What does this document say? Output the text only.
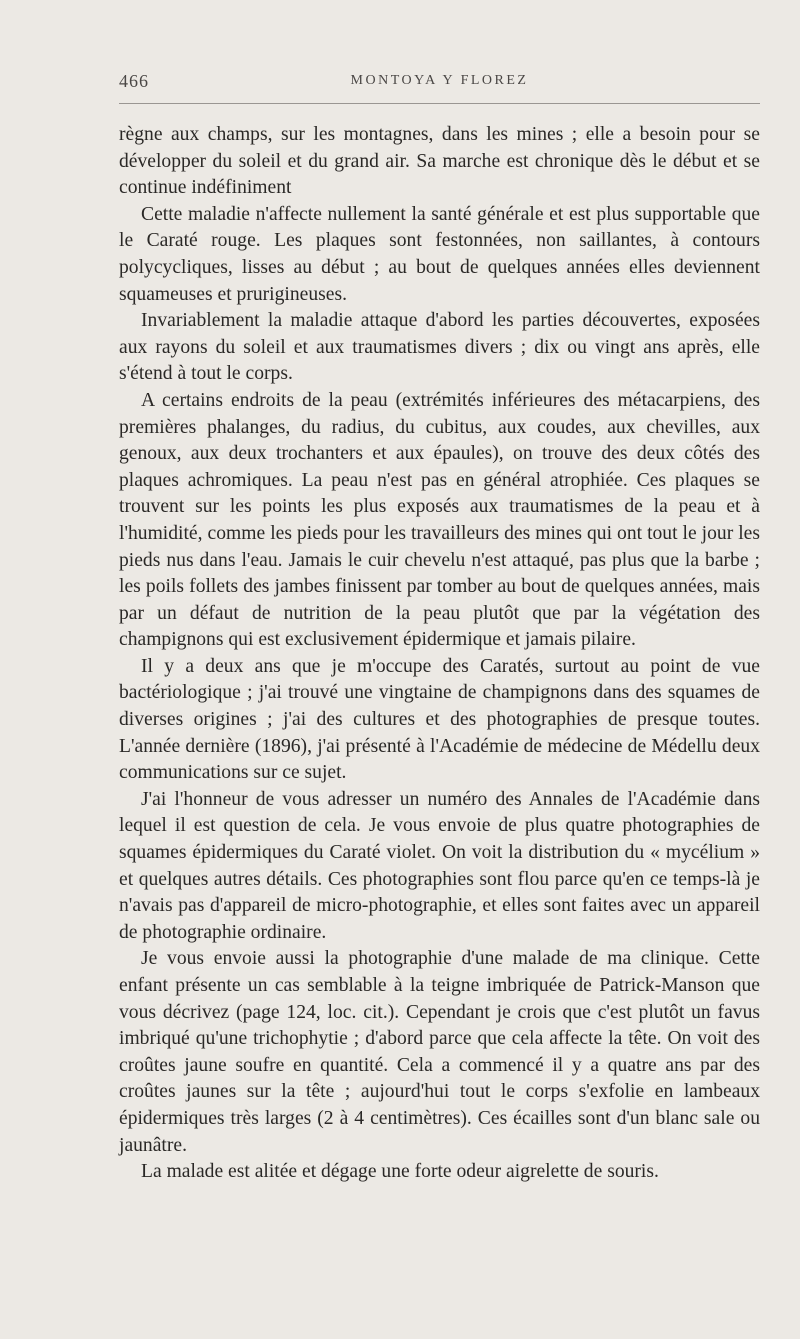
466	MONTOYA Y FLOREZ

règne aux champs, sur les montagnes, dans les mines ; elle a besoin pour se développer du soleil et du grand air. Sa marche est chronique dès le début et se continue indéfiniment

Cette maladie n'affecte nullement la santé générale et est plus supportable que le Caraté rouge. Les plaques sont festonnées, non saillantes, à contours polycycliques, lisses au début ; au bout de quelques années elles deviennent squameuses et prurigineuses.

Invariablement la maladie attaque d'abord les parties découvertes, exposées aux rayons du soleil et aux traumatismes divers ; dix ou vingt ans après, elle s'étend à tout le corps.

A certains endroits de la peau (extrémités inférieures des métacarpiens, des premières phalanges, du radius, du cubitus, aux coudes, aux chevilles, aux genoux, aux deux trochanters et aux épaules), on trouve des deux côtés des plaques achromiques. La peau n'est pas en général atrophiée. Ces plaques se trouvent sur les points les plus exposés aux traumatismes de la peau et à l'humidité, comme les pieds pour les travailleurs des mines qui ont tout le jour les pieds nus dans l'eau. Jamais le cuir chevelu n'est attaqué, pas plus que la barbe ; les poils follets des jambes finissent par tomber au bout de quelques années, mais par un défaut de nutrition de la peau plutôt que par la végétation des champignons qui est exclusivement épidermique et jamais pilaire.

Il y a deux ans que je m'occupe des Caratés, surtout au point de vue bactériologique ; j'ai trouvé une vingtaine de champignons dans des squames de diverses origines ; j'ai des cultures et des photographies de presque toutes. L'année dernière (1896), j'ai présenté à l'Académie de médecine de Médellu deux communications sur ce sujet.

J'ai l'honneur de vous adresser un numéro des Annales de l'Académie dans lequel il est question de cela. Je vous envoie de plus quatre photographies de squames épidermiques du Caraté violet. On voit la distribution du « mycélium » et quelques autres détails. Ces photographies sont flou parce qu'en ce temps-là je n'avais pas d'appareil de micro-photographie, et elles sont faites avec un appareil de photographie ordinaire.

Je vous envoie aussi la photographie d'une malade de ma clinique. Cette enfant présente un cas semblable à la teigne imbriquée de Patrick-Manson que vous décrivez (page 124, loc. cit.). Cependant je crois que c'est plutôt un favus imbriqué qu'une trichophytie ; d'abord parce que cela affecte la tête. On voit des croûtes jaune soufre en quantité. Cela a commencé il y a quatre ans par des croûtes jaunes sur la tête ; aujourd'hui tout le corps s'exfolie en lambeaux épidermiques très larges (2 à 4 centimètres). Ces écailles sont d'un blanc sale ou jaunâtre.

La malade est alitée et dégage une forte odeur aigrelette de souris.
